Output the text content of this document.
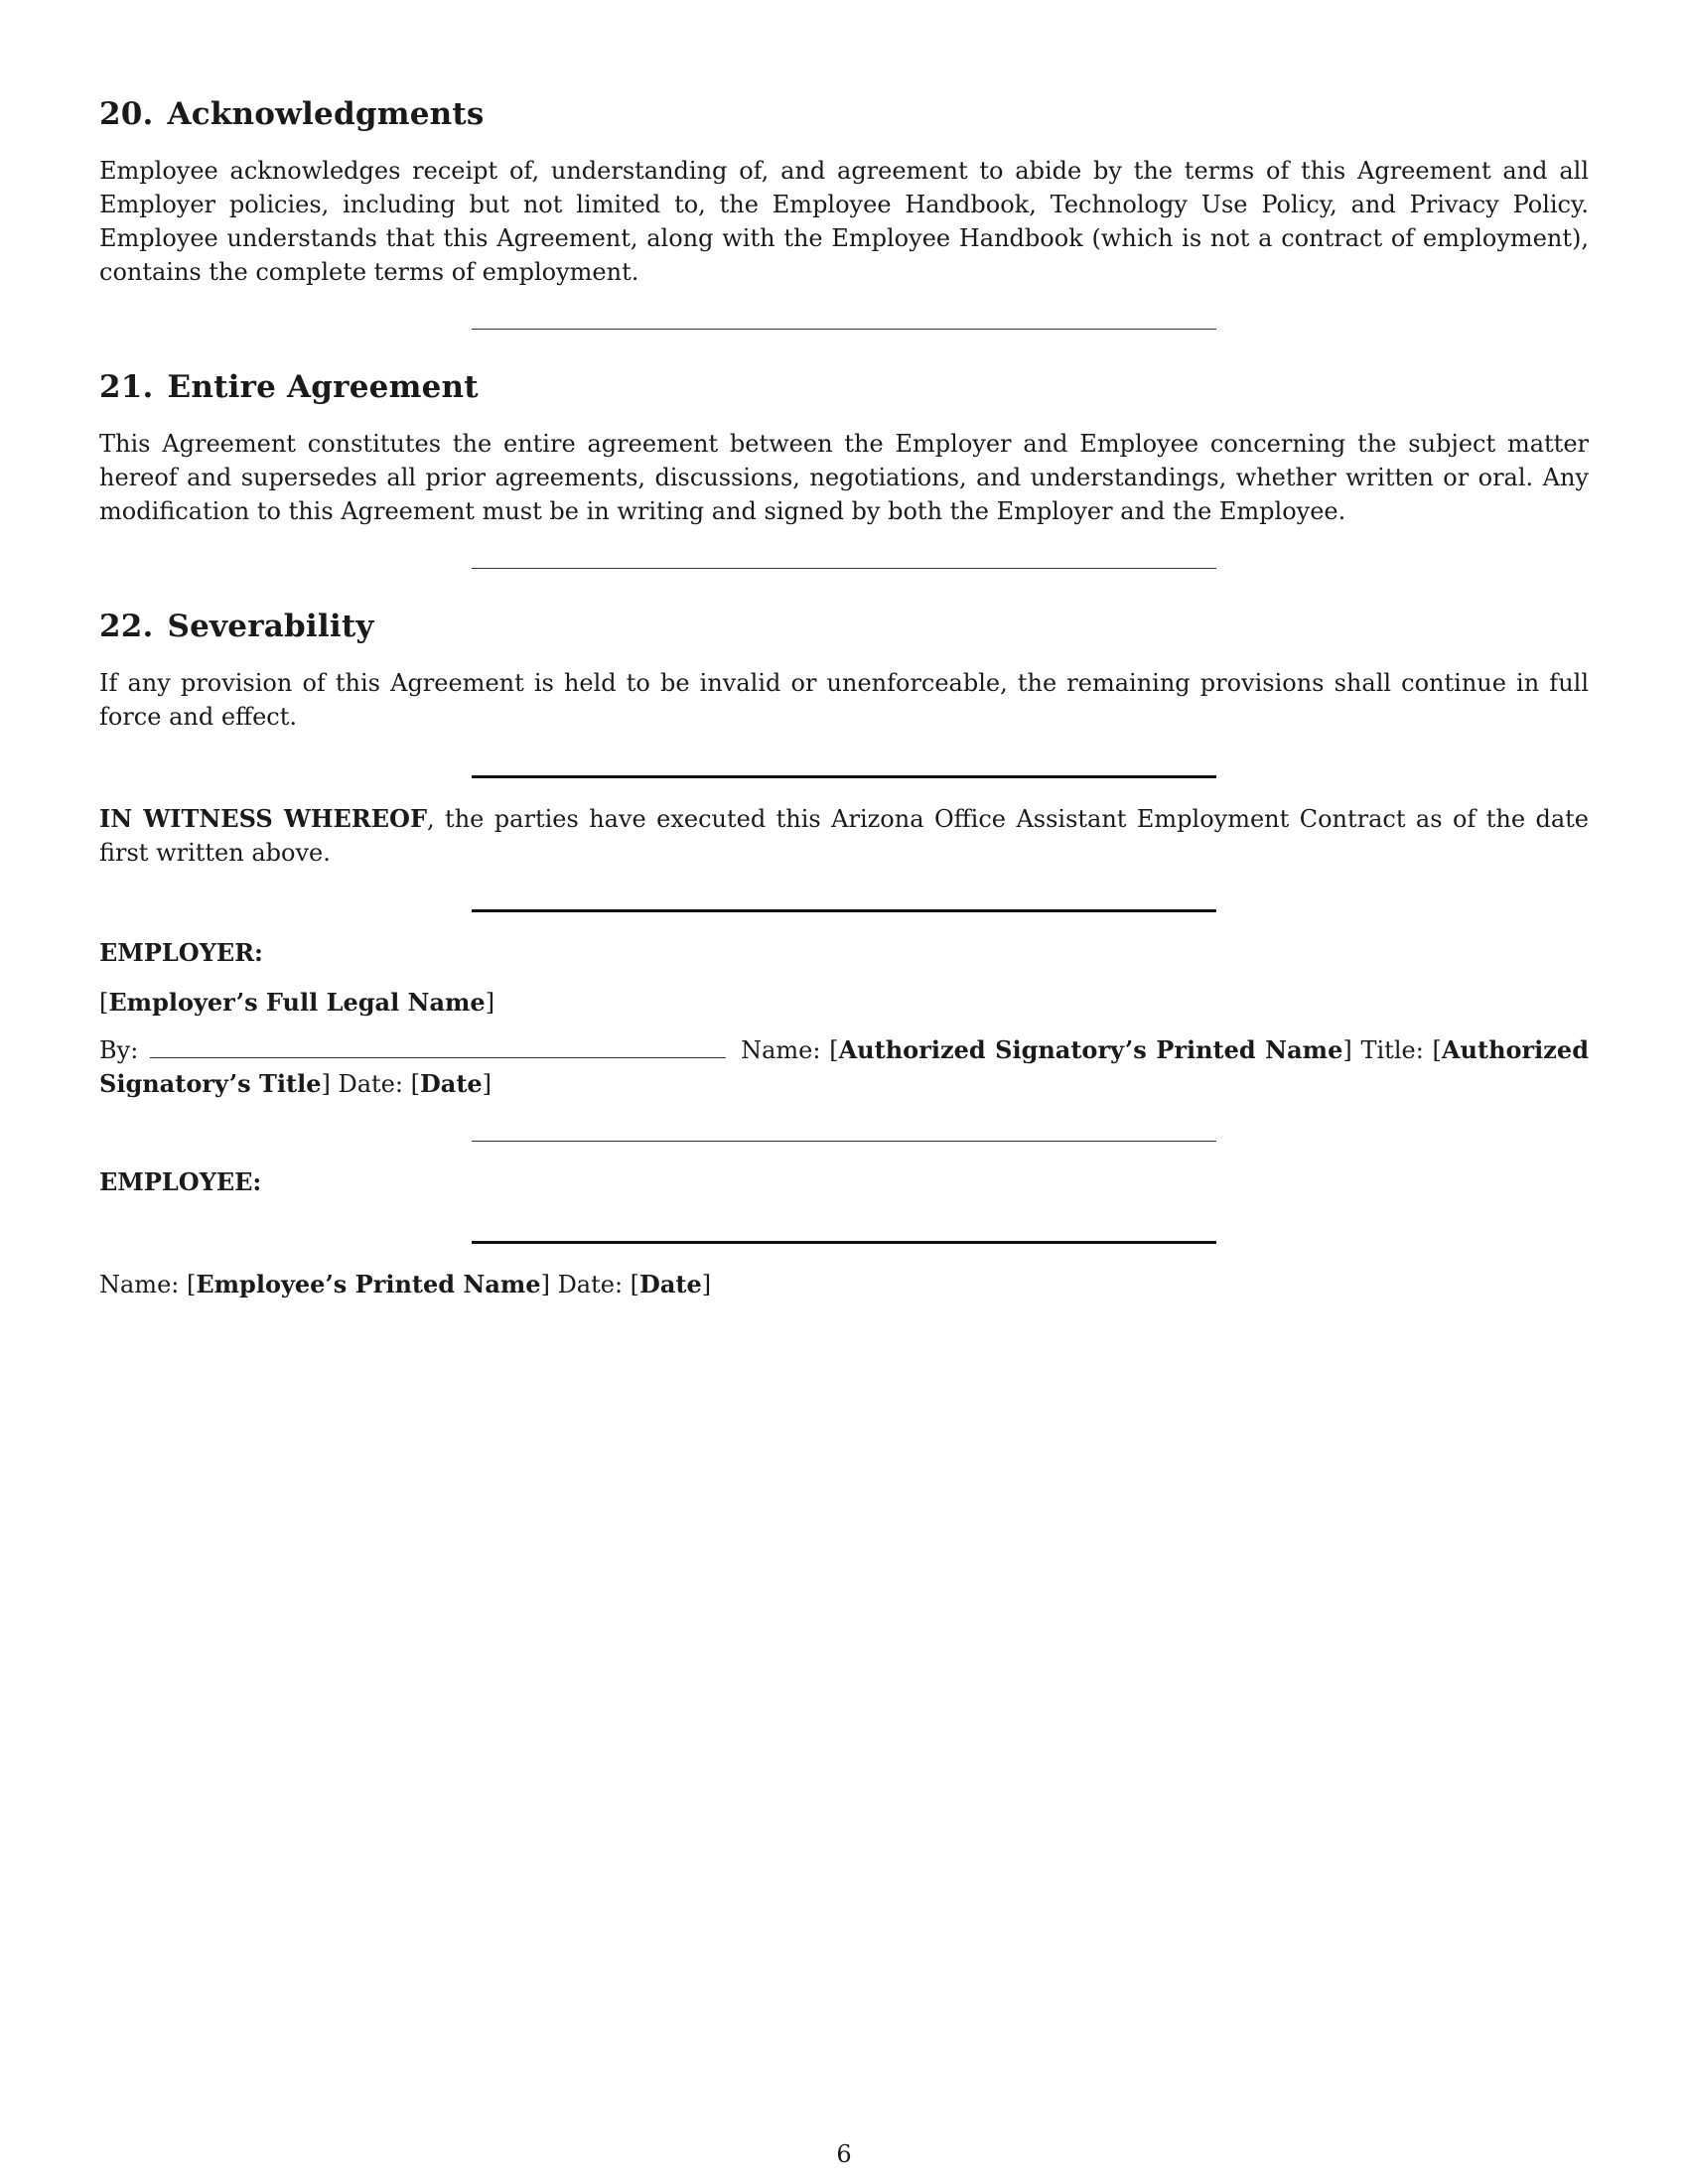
20. Acknowledgments

Employee acknowledges receipt of, understanding of, and agreement to abide by the terms of this Agreement and all Employer policies, including but not limited to, the Employee Handbook, Technology Use Policy, and Privacy Policy. Employee understands that this Agreement, along with the Employee Handbook (which is not a contract of employment), contains the complete terms of employment.

21. Entire Agreement

This Agreement constitutes the entire agreement between the Employer and Employee concerning the subject matter hereof and supersedes all prior agreements, discussions, negotiations, and understandings, whether written or oral. Any modification to this Agreement must be in writing and signed by both the Employer and the Employee.

22. Severability

If any provision of this Agreement is held to be invalid or unenforceable, the remaining provisions shall continue in full force and effect.

IN WITNESS WHEREOF, the parties have executed this Arizona Office Assistant Employment Contract as of the date first written above.

EMPLOYER:

[Employer’s Full Legal Name]

By:	Name: [Authorized Signatory’s Printed Name] Title: [Authorized Signatory’s Title] Date: [Date]

EMPLOYEE:

Name: [Employee’s Printed Name] Date: [Date]

6
